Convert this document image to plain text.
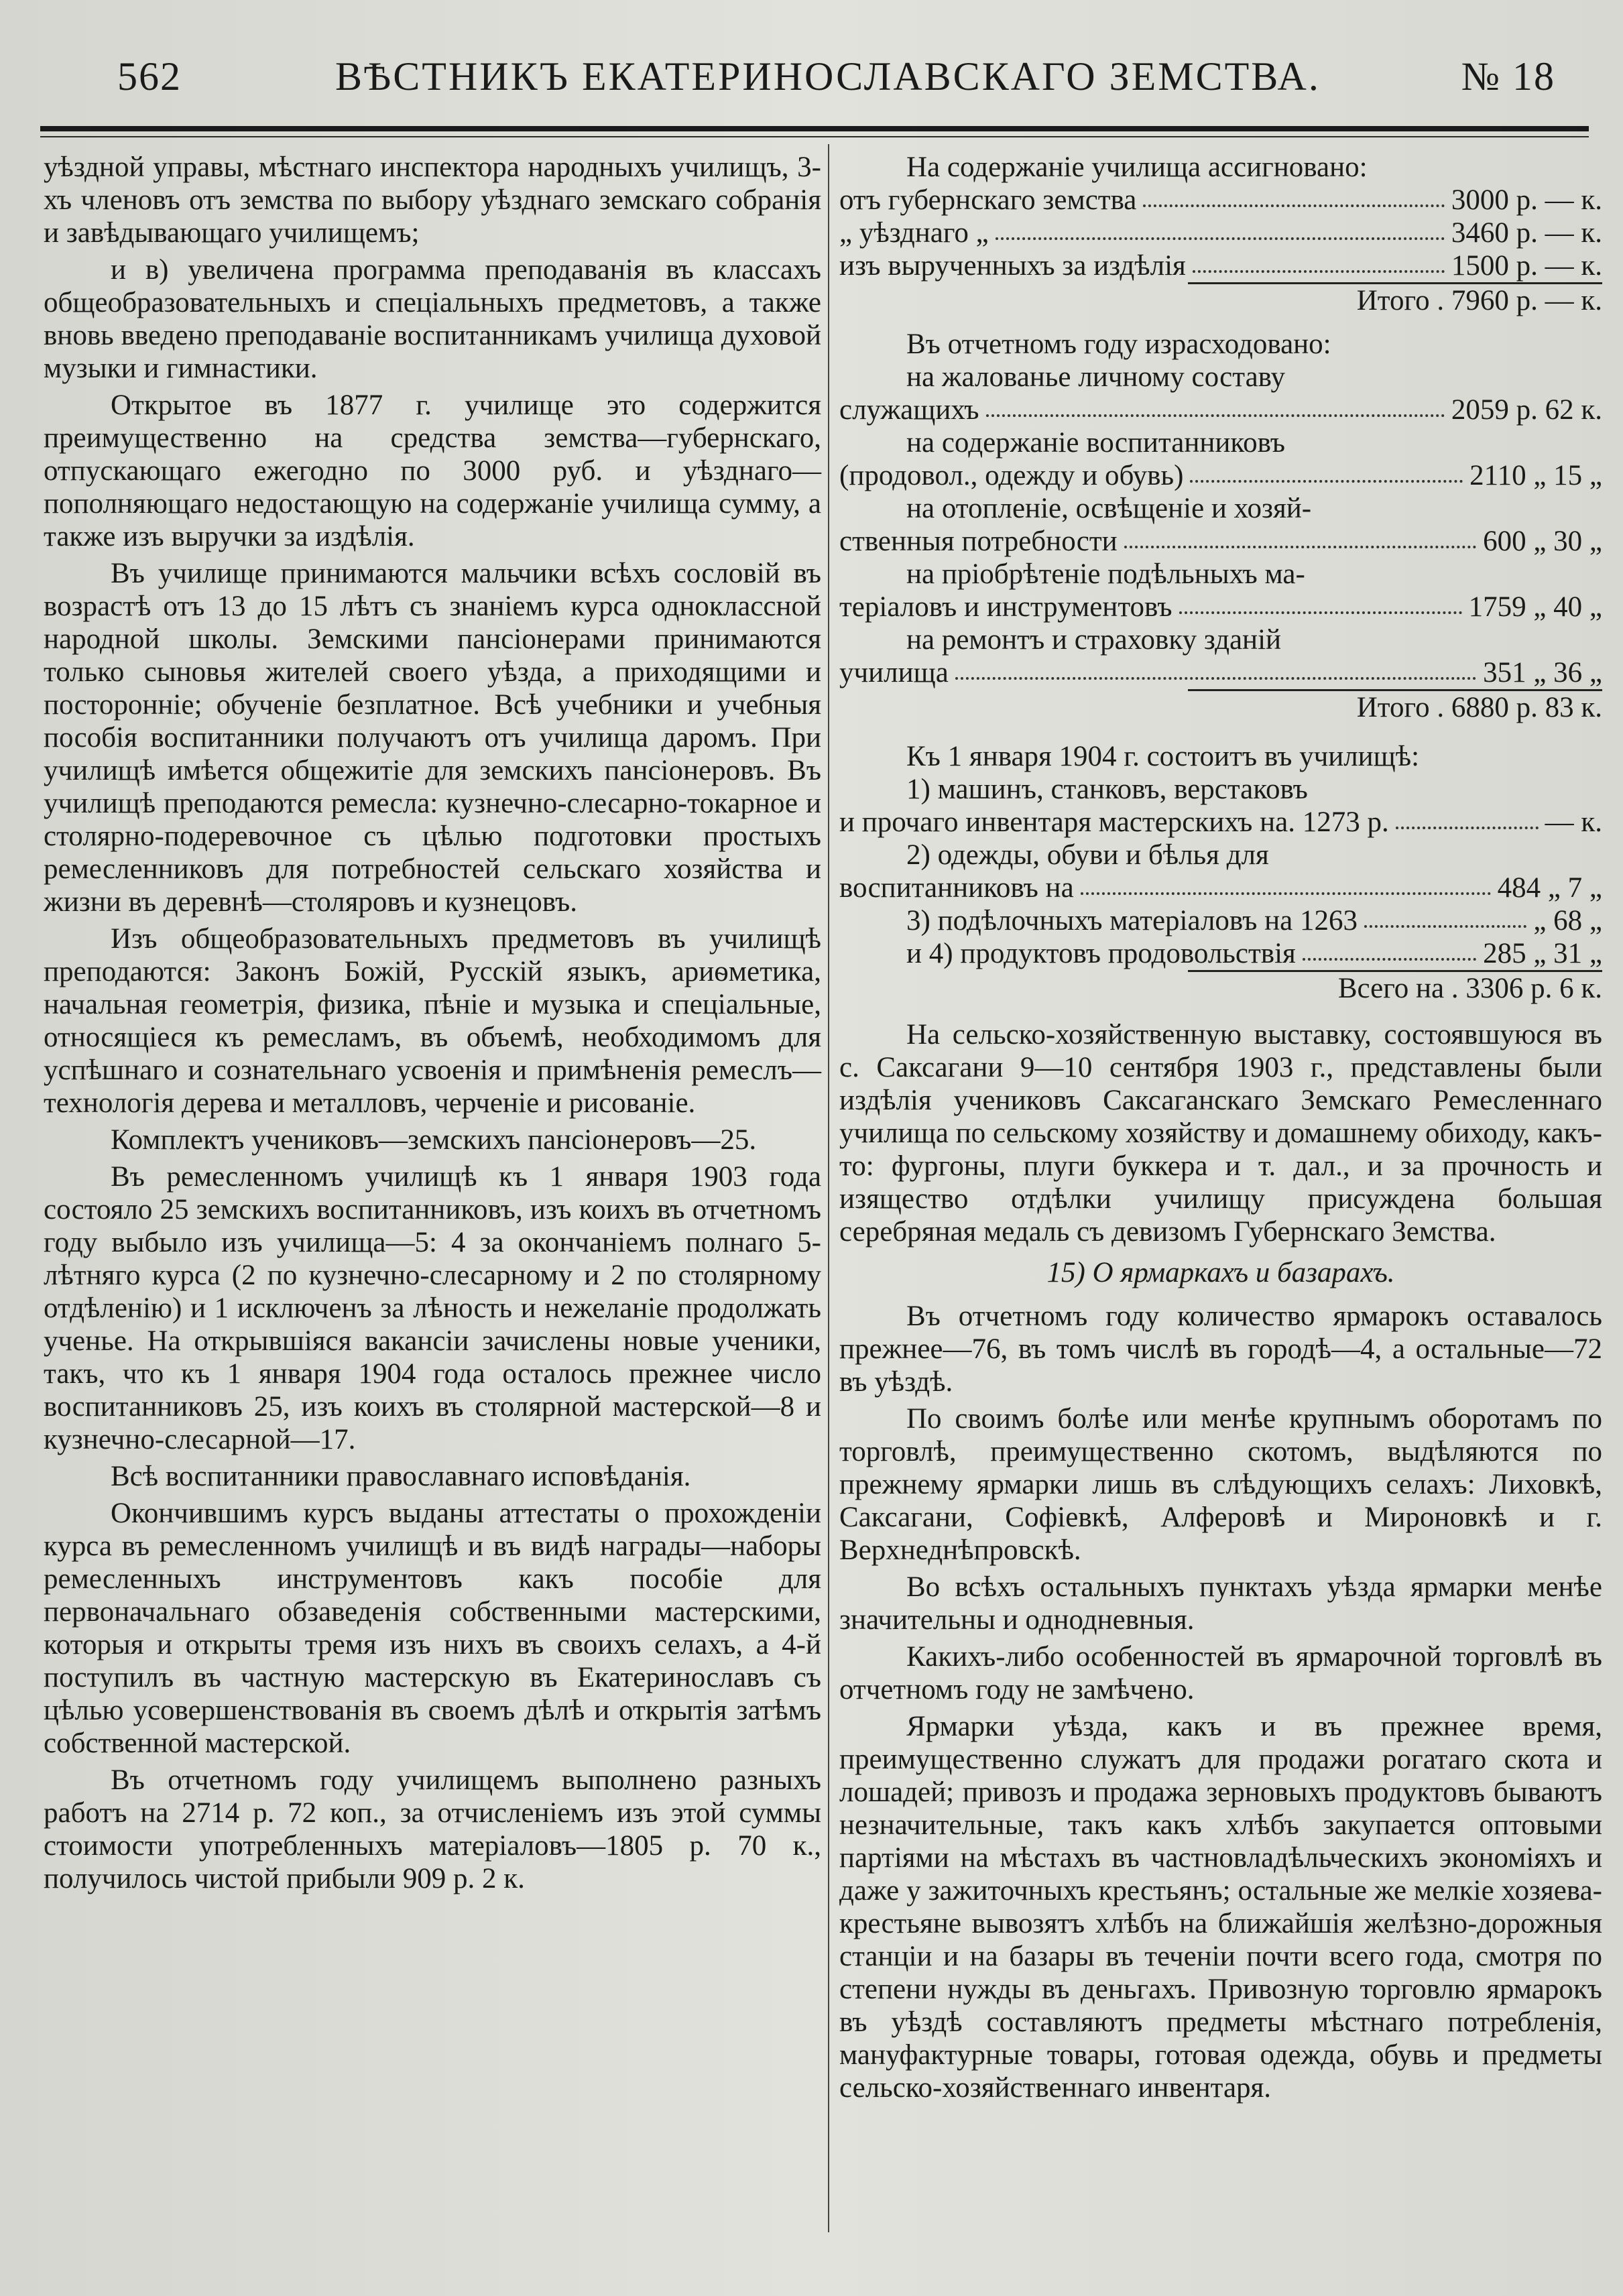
562	ВѢСТНИКЪ ЕКАТЕРИНОСЛАВСКАГО ЗЕМСТВА.	№ 18

уѣздной управы, мѣстнаго инспектора народныхъ училищъ, 3-хъ членовъ отъ земства по выбору уѣзднаго земскаго собранія и завѣдывающаго училищемъ;

и в) увеличена программа преподаванія въ классахъ общеобразовательныхъ и спеціальныхъ предметовъ, а также вновь введено преподаваніе воспитанникамъ училища духовой музыки и гимнастики.

Открытое въ 1877 г. училище это содержится преимущественно на средства земства—губернскаго, отпускающаго ежегодно по 3000 руб. и уѣзднаго—пополняющаго недостающую на содержаніе училища сумму, а также изъ выручки за издѣлія.

Въ училище принимаются мальчики всѣхъ сословій въ возрастѣ отъ 13 до 15 лѣтъ съ знаніемъ курса одноклассной народной школы. Земскими пансіонерами принимаются только сыновья жителей своего уѣзда, а приходящими и посторонніе; обученіе безплатное. Всѣ учебники и учебныя пособія воспитанники получаютъ отъ училища даромъ. При училищѣ имѣется общежитіе для земскихъ пансіонеровъ. Въ училищѣ преподаются ремесла: кузнечно-слесарно-токарное и столярно-подеревочное съ цѣлью подготовки простыхъ ремесленниковъ для потребностей сельскаго хозяйства и жизни въ деревнѣ—столяровъ и кузнецовъ.

Изъ общеобразовательныхъ предметовъ въ училищѣ преподаются: Законъ Божій, Русскій языкъ, ариѳметика, начальная геометрія, физика, пѣніе и музыка и спеціальные, относящіеся къ ремесламъ, въ объемѣ, необходимомъ для успѣшнаго и сознательнаго усвоенія и примѣненія ремеслъ—технологія дерева и металловъ, черченіе и рисованіе.

Комплектъ учениковъ—земскихъ пансіонеровъ—25.

Въ ремесленномъ училищѣ къ 1 января 1903 года состояло 25 земскихъ воспитанниковъ, изъ коихъ въ отчетномъ году выбыло изъ училища—5: 4 за окончаніемъ полнаго 5-лѣтняго курса (2 по кузнечно-слесарному и 2 по столярному отдѣленію) и 1 исключенъ за лѣность и нежеланіе продолжать ученье. На открывшіяся вакансіи зачислены новые ученики, такъ, что къ 1 января 1904 года осталось прежнее число воспитанниковъ 25, изъ коихъ въ столярной мастерской—8 и кузнечно-слесарной—17.

Всѣ воспитанники православнаго исповѣданія.

Окончившимъ курсъ выданы аттестаты о прохожденіи курса въ ремесленномъ училищѣ и въ видѣ награды—наборы ремесленныхъ инструментовъ какъ пособіе для первоначальнаго обзаведенія собственными мастерскими, которыя и открыты тремя изъ нихъ въ своихъ селахъ, а 4-й поступилъ въ частную мастерскую въ Екатеринославъ съ цѣлью усовершенствованія въ своемъ дѣлѣ и открытія затѣмъ собственной мастерской.

Въ отчетномъ году училищемъ выполнено разныхъ работъ на 2714 р. 72 коп., за отчисленіемъ изъ этой суммы стоимости употребленныхъ матеріаловъ—1805 р. 70 к., получилось чистой прибыли 909 р. 2 к.

На содержаніе училища ассигновано:
отъ губернскаго земства	3000 р. — к.
„ уѣзднаго „	3460 р. — к.
изъ вырученныхъ за издѣлія	1500 р. — к.
Итого . 7960 р. — к.
Въ отчетномъ году израсходовано:
на жалованье личному составу
служащихъ	2059 р. 62 к.
на содержаніе воспитанниковъ
(продовол., одежду и обувь)	2110 „ 15 „
на отопленіе, освѣщеніе и хозяй-
ственныя потребности	600 „ 30 „
на пріобрѣтеніе подѣльныхъ ма-
теріаловъ и инструментовъ	1759 „ 40 „
на ремонтъ и страховку зданій
училища	351 „ 36 „
Итого . 6880 р. 83 к.
Къ 1 января 1904 г. состоитъ въ училищѣ:
1) машинъ, станковъ, верстаковъ
и прочаго инвентаря мастерскихъ на. 1273 р.	— к.
2) одежды, обуви и бѣлья для
воспитанниковъ на	484 „ 7 „
3) подѣлочныхъ матеріаловъ на 1263	„ 68 „
и 4) продуктовъ продовольствія	285 „ 31 „
Всего на . 3306 р. 6 к.

На сельско-хозяйственную выставку, состоявшуюся въ с. Саксагани 9—10 сентября 1903 г., представлены были издѣлія учениковъ Саксаганскаго Земскаго Ремесленнаго училища по сельскому хозяйству и домашнему обиходу, какъ-то: фургоны, плуги буккера и т. дал., и за прочность и изящество отдѣлки училищу присуждена большая серебряная медаль съ девизомъ Губернскаго Земства.

15) О ярмаркахъ и базарахъ.

Въ отчетномъ году количество ярмарокъ оставалось прежнее—76, въ томъ числѣ въ городѣ—4, а остальные—72 въ уѣздѣ.

По своимъ болѣе или менѣе крупнымъ оборотамъ по торговлѣ, преимущественно скотомъ, выдѣляются по прежнему ярмарки лишь въ слѣдующихъ селахъ: Лиховкѣ, Саксагани, Софіевкѣ, Алферовѣ и Мироновкѣ и г. Верхнеднѣпровскѣ.

Во всѣхъ остальныхъ пунктахъ уѣзда ярмарки менѣе значительны и однодневныя.

Какихъ-либо особенностей въ ярмарочной торговлѣ въ отчетномъ году не замѣчено.

Ярмарки уѣзда, какъ и въ прежнее время, преимущественно служатъ для продажи рогатаго скота и лошадей; привозъ и продажа зерновыхъ продуктовъ бываютъ незначительные, такъ какъ хлѣбъ закупается оптовыми партіями на мѣстахъ въ частновладѣльческихъ экономіяхъ и даже у зажиточныхъ крестьянъ; остальные же мелкіе хозяева-крестьяне вывозятъ хлѣбъ на ближайшія желѣзно-дорожныя станціи и на базары въ теченіи почти всего года, смотря по степени нужды въ деньгахъ. Привозную торговлю ярмарокъ въ уѣздѣ составляютъ предметы мѣстнаго потребленія, мануфактурные товары, готовая одежда, обувь и предметы сельско-хозяйственнаго инвентаря.
